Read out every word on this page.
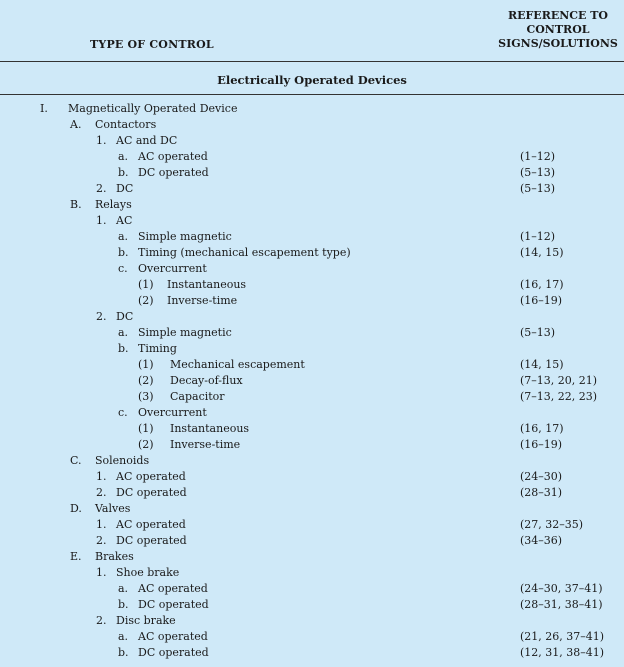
TYPE OF CONTROL
REFERENCE TO
CONTROL
SIGNS/SOLUTIONS
Electrically Operated Devices
I. Magnetically Operated Device
A. Contactors
1. AC and DC
a. AC operated	(1–12)
b. DC operated	(5–13)
2. DC	(5–13)
B. Relays
1. AC
a. Simple magnetic	(1–12)
b. Timing (mechanical escapement type)	(14, 15)
c. Overcurrent
(1) Instantaneous	(16, 17)
(2) Inverse-time	(16–19)
2. DC
a. Simple magnetic	(5–13)
b. Timing
(1) Mechanical escapement	(14, 15)
(2) Decay-of-flux	(7–13, 20, 21)
(3) Capacitor	(7–13, 22, 23)
c. Overcurrent
(1) Instantaneous	(16, 17)
(2) Inverse-time	(16–19)
C. Solenoids
1. AC operated	(24–30)
2. DC operated	(28–31)
D. Valves
1. AC operated	(27, 32–35)
2. DC operated	(34–36)
E. Brakes
1. Shoe brake
a. AC operated	(24–30, 37–41)
b. DC operated	(28–31, 38–41)
2. Disc brake
a. AC operated	(21, 26, 37–41)
b. DC operated	(12, 31, 38–41)
